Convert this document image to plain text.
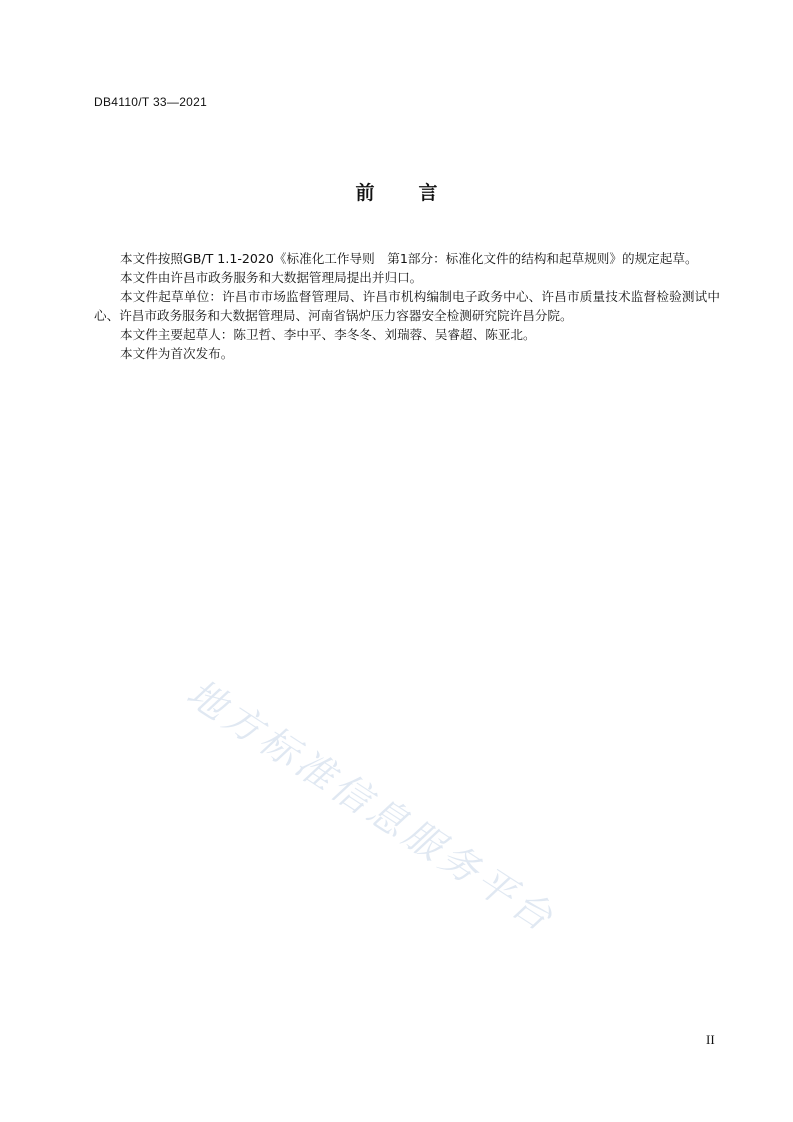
DB4110/T 33—2021
前言

本文件按照GB/T 1.1-2020《标准化工作导则　第1部分：标准化文件的结构和起草规则》的规定起草。

本文件由许昌市政务服务和大数据管理局提出并归口。

本文件起草单位：许昌市市场监督管理局、许昌市机构编制电子政务中心、许昌市质量技术监督检验测试中心、许昌市政务服务和大数据管理局、河南省锅炉压力容器安全检测研究院许昌分院。

本文件主要起草人：陈卫哲、李中平、李冬冬、刘瑞蓉、吴睿超、陈亚北。

本文件为首次发布。

地方标准信息服务平台
II
